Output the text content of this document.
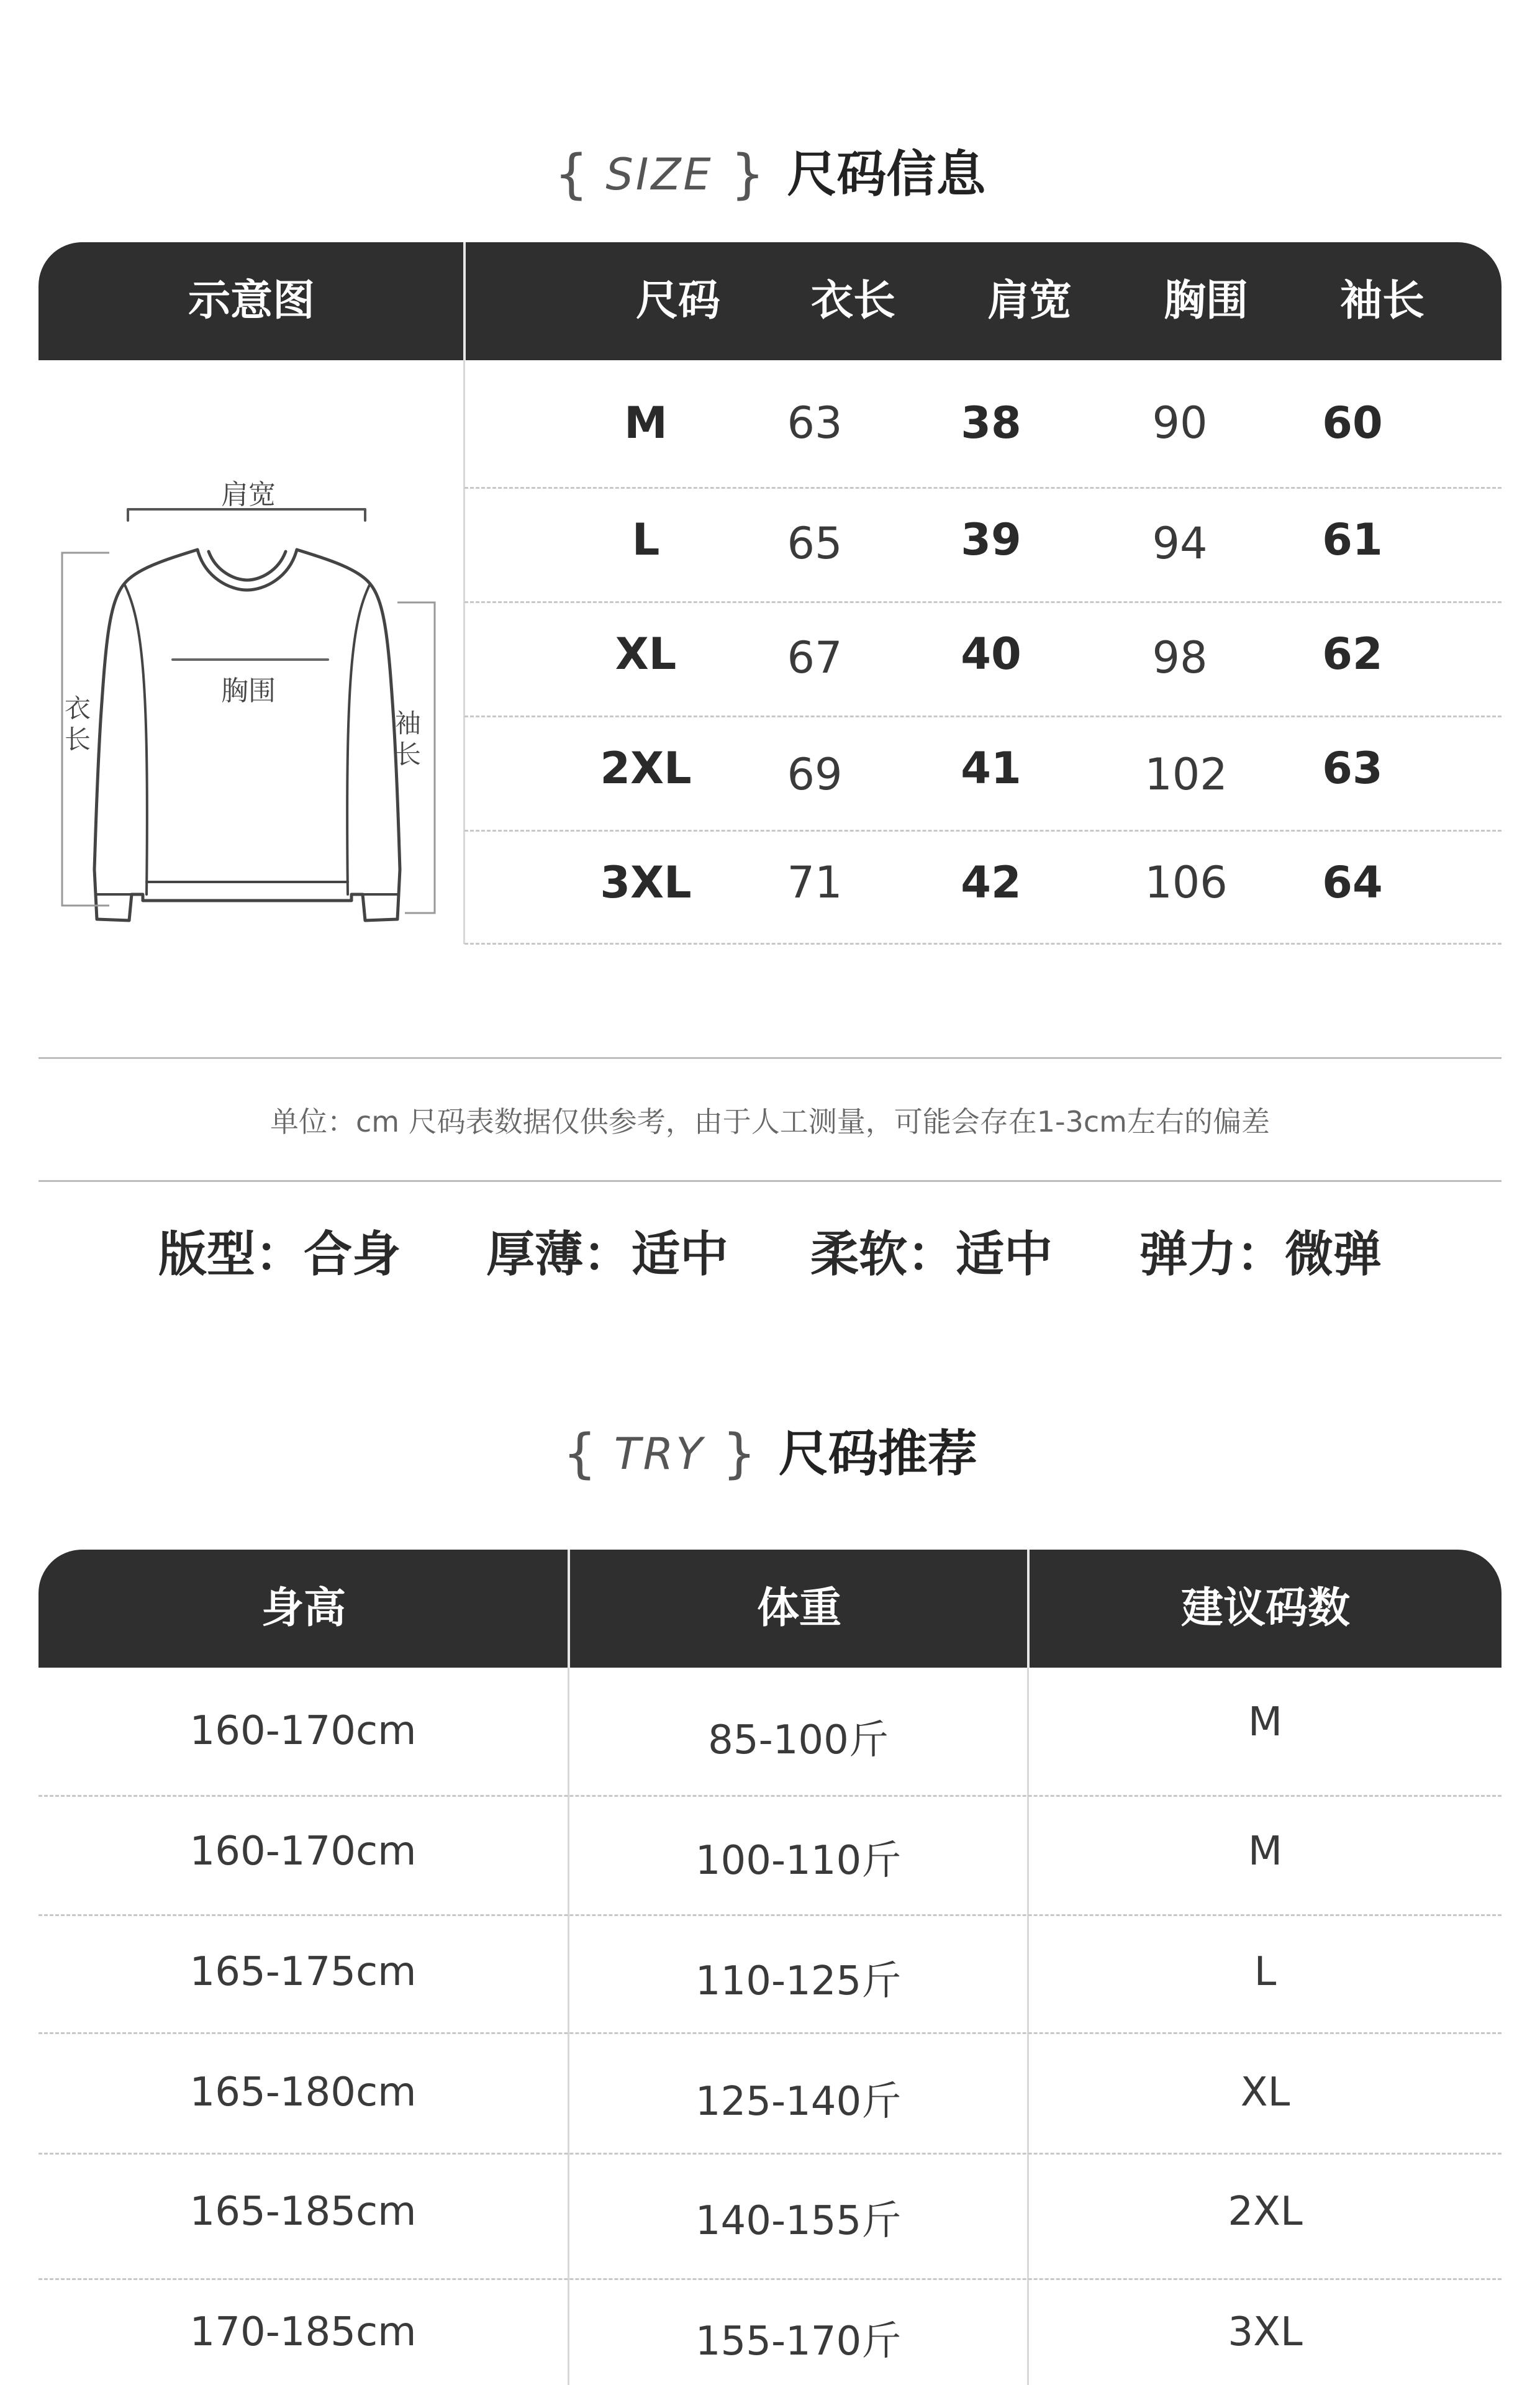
{ SIZE } 尺码信息
示意图	尺码	衣长	肩宽	胸围	袖长
肩宽
胸围
衣长
袖长
M	63	38	90	60
L	65	39	94	61
XL	67	40	98	62
2XL	69	41	102	63
3XL	71	42	106	64
单位：cm 尺码表数据仅供参考，由于人工测量，可能会存在1-3cm左右的偏差
版型：合身	厚薄：适中	柔软：适中	弹力：微弹
{ TRY } 尺码推荐
身高	体重	建议码数
160-170cm	85-100斤	M
160-170cm	100-110斤	M
165-175cm	110-125斤	L
165-180cm	125-140斤	XL
165-185cm	140-155斤	2XL
170-185cm	155-170斤	3XL
